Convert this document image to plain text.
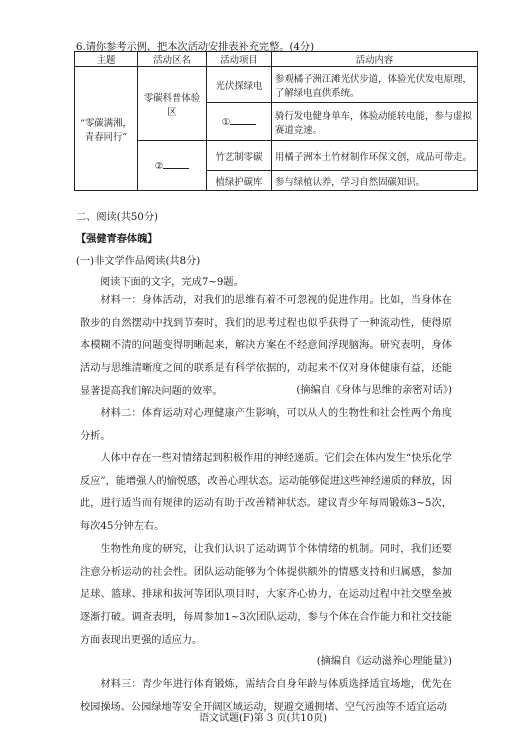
6.请你参考示例，把本次活动安排表补充完整。(4分)
主题	活动区名	活动项目	活动内容
“零碳满湘，青春同行”	零碳科普体验区	光伏探绿电	参观橘子洲江滩光伏步道，体验光伏发电原理，了解绿电直供系统。
		①	骑行发电健身单车，体验动能转电能，参与虚拟赛道竞速。
	②	竹艺制零碳	用橘子洲本土竹材制作环保文创，成品可带走。
		植绿护碳库	参与绿植认养，学习自然固碳知识。
二、阅读(共50分)
【强健青春体魄】
(一)非文学作品阅读(共8分)
阅读下面的文字，完成7~9题。
材料一：身体活动，对我们的思维有着不可忽视的促进作用。比如，当身体在散步的自然摆动中找到节奏时，我们的思考过程也似乎获得了一种流动性，使得原本模糊不清的问题变得明晰起来，解决方案在不经意间浮现脑海。研究表明，身体活动与思维清晰度之间的联系是有科学依据的，动起来不仅对身体健康有益，还能显著提高我们解决问题的效率。	(摘编自《身体与思维的亲密对话》)
材料二：体育运动对心理健康产生影响，可以从人的生物性和社会性两个角度分析。
人体中存在一些对情绪起到积极作用的神经递质。它们会在体内发生“快乐化学反应”，能增强人的愉悦感，改善心理状态。运动能够促进这些神经递质的释放，因此，进行适当而有规律的运动有助于改善精神状态。建议青少年每周锻炼3~5次，每次45分钟左右。
生物性角度的研究，让我们认识了运动调节个体情绪的机制。同时，我们还要注意分析运动的社会性。团队运动能够为个体提供额外的情感支持和归属感，参加足球、篮球、排球和拔河等团队项目时，大家齐心协力，在运动过程中社交壁垒被逐渐打破。调查表明，每周参加1~3次团队运动，参与个体在合作能力和社交技能方面表现出更强的适应力。
(摘编自《运动滋养心理能量》)
材料三：青少年进行体育锻炼，需结合自身年龄与体质选择适宜场地，优先在校园操场、公园绿地等安全开阔区域运动，规避交通拥堵、空气污浊等不适宜运动
语文试题(F)第 3 页(共10页)
